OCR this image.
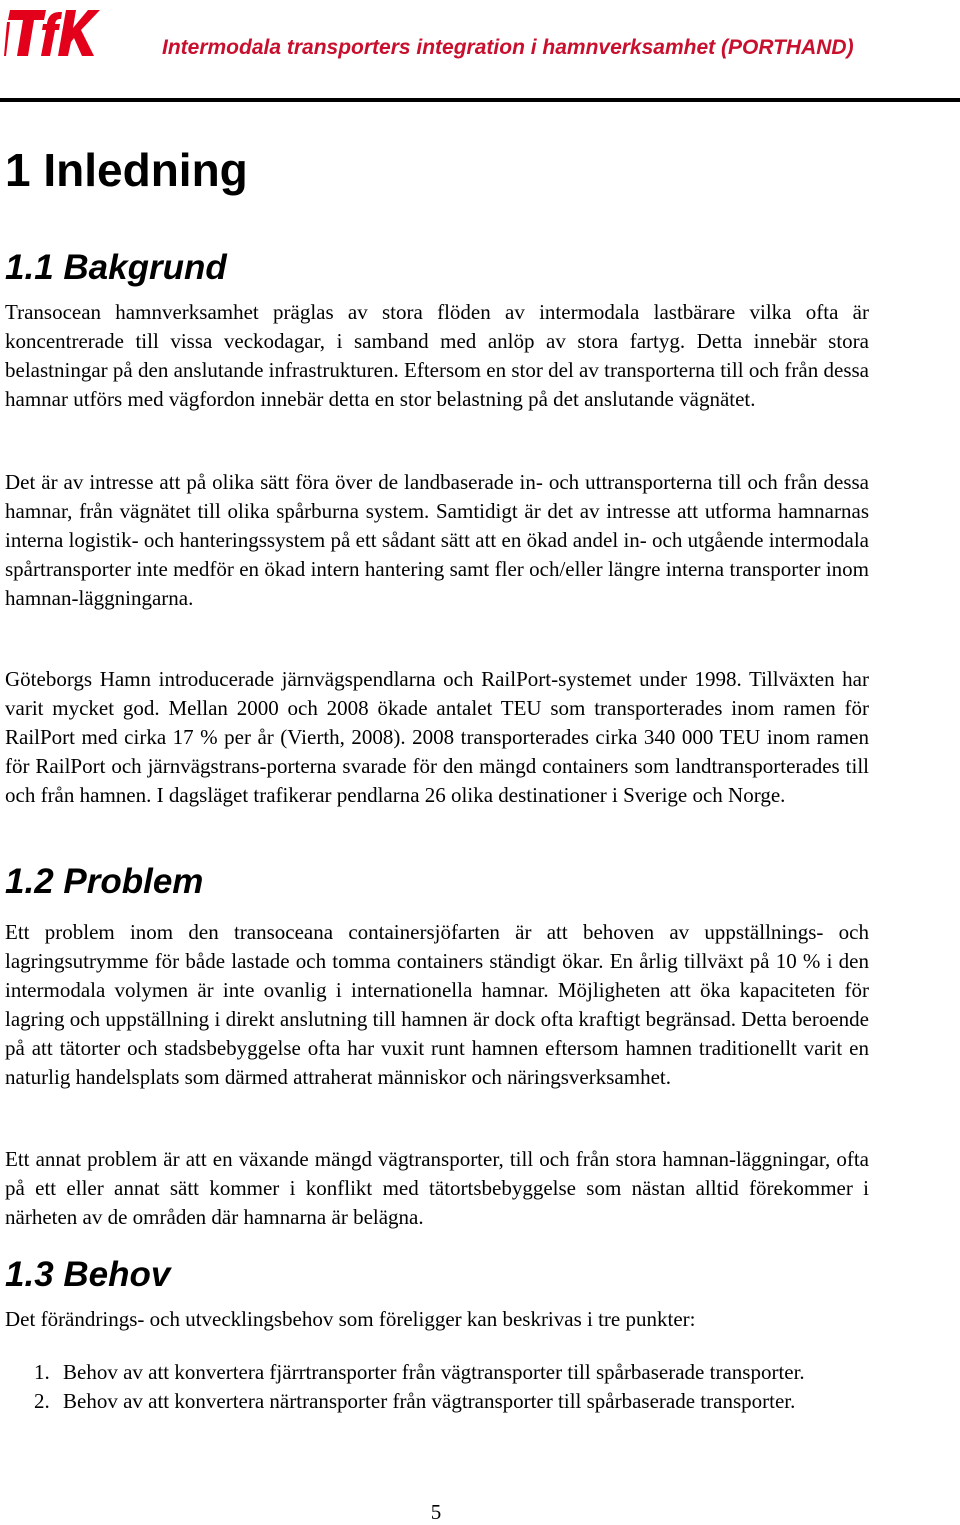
Intermodala transporters integration i hamnverksamhet (PORTHAND)
1 Inledning
1.1 Bakgrund

Transocean hamnverksamhet präglas av stora flöden av intermodala lastbärare vilka ofta är koncentrerade till vissa veckodagar, i samband med anlöp av stora fartyg. Detta innebär stora belastningar på den anslutande infrastrukturen. Eftersom en stor del av transporterna till och från dessa hamnar utförs med vägfordon innebär detta en stor belastning på det anslutande vägnätet.

Det är av intresse att på olika sätt föra över de landbaserade in- och uttransporterna till och från dessa hamnar, från vägnätet till olika spårburna system. Samtidigt är det av intresse att utforma hamnarnas interna logistik- och hanteringssystem på ett sådant sätt att en ökad andel in- och utgående intermodala spårtransporter inte medför en ökad intern hantering samt fler och/eller längre interna transporter inom hamnan-läggningarna.

Göteborgs Hamn introducerade järnvägspendlarna och RailPort-systemet under 1998. Tillväxten har varit mycket god. Mellan 2000 och 2008 ökade antalet TEU som transporterades inom ramen för RailPort med cirka 17 % per år (Vierth, 2008). 2008 transporterades cirka 340 000 TEU inom ramen för RailPort och järnvägstrans-porterna svarade för den mängd containers som landtransporterades till och från hamnen. I dagsläget trafikerar pendlarna 26 olika destinationer i Sverige och Norge.

1.2 Problem

Ett problem inom den transoceana containersjöfarten är att behoven av uppställnings- och lagringsutrymme för både lastade och tomma containers ständigt ökar. En årlig tillväxt på 10 % i den intermodala volymen är inte ovanlig i internationella hamnar. Möjligheten att öka kapaciteten för lagring och uppställning i direkt anslutning till hamnen är dock ofta kraftigt begränsad. Detta beroende på att tätorter och stadsbebyggelse ofta har vuxit runt hamnen eftersom hamnen traditionellt varit en naturlig handelsplats som därmed attraherat människor och näringsverksamhet.

Ett annat problem är att en växande mängd vägtransporter, till och från stora hamnan-läggningar, ofta på ett eller annat sätt kommer i konflikt med tätortsbebyggelse som nästan alltid förekommer i närheten av de områden där hamnarna är belägna.

1.3 Behov

Det förändrings- och utvecklingsbehov som föreligger kan beskrivas i tre punkter:

1. Behov av att konvertera fjärrtransporter från vägtransporter till spårbaserade transporter.
2. Behov av att konvertera närtransporter från vägtransporter till spårbaserade transporter.
5
